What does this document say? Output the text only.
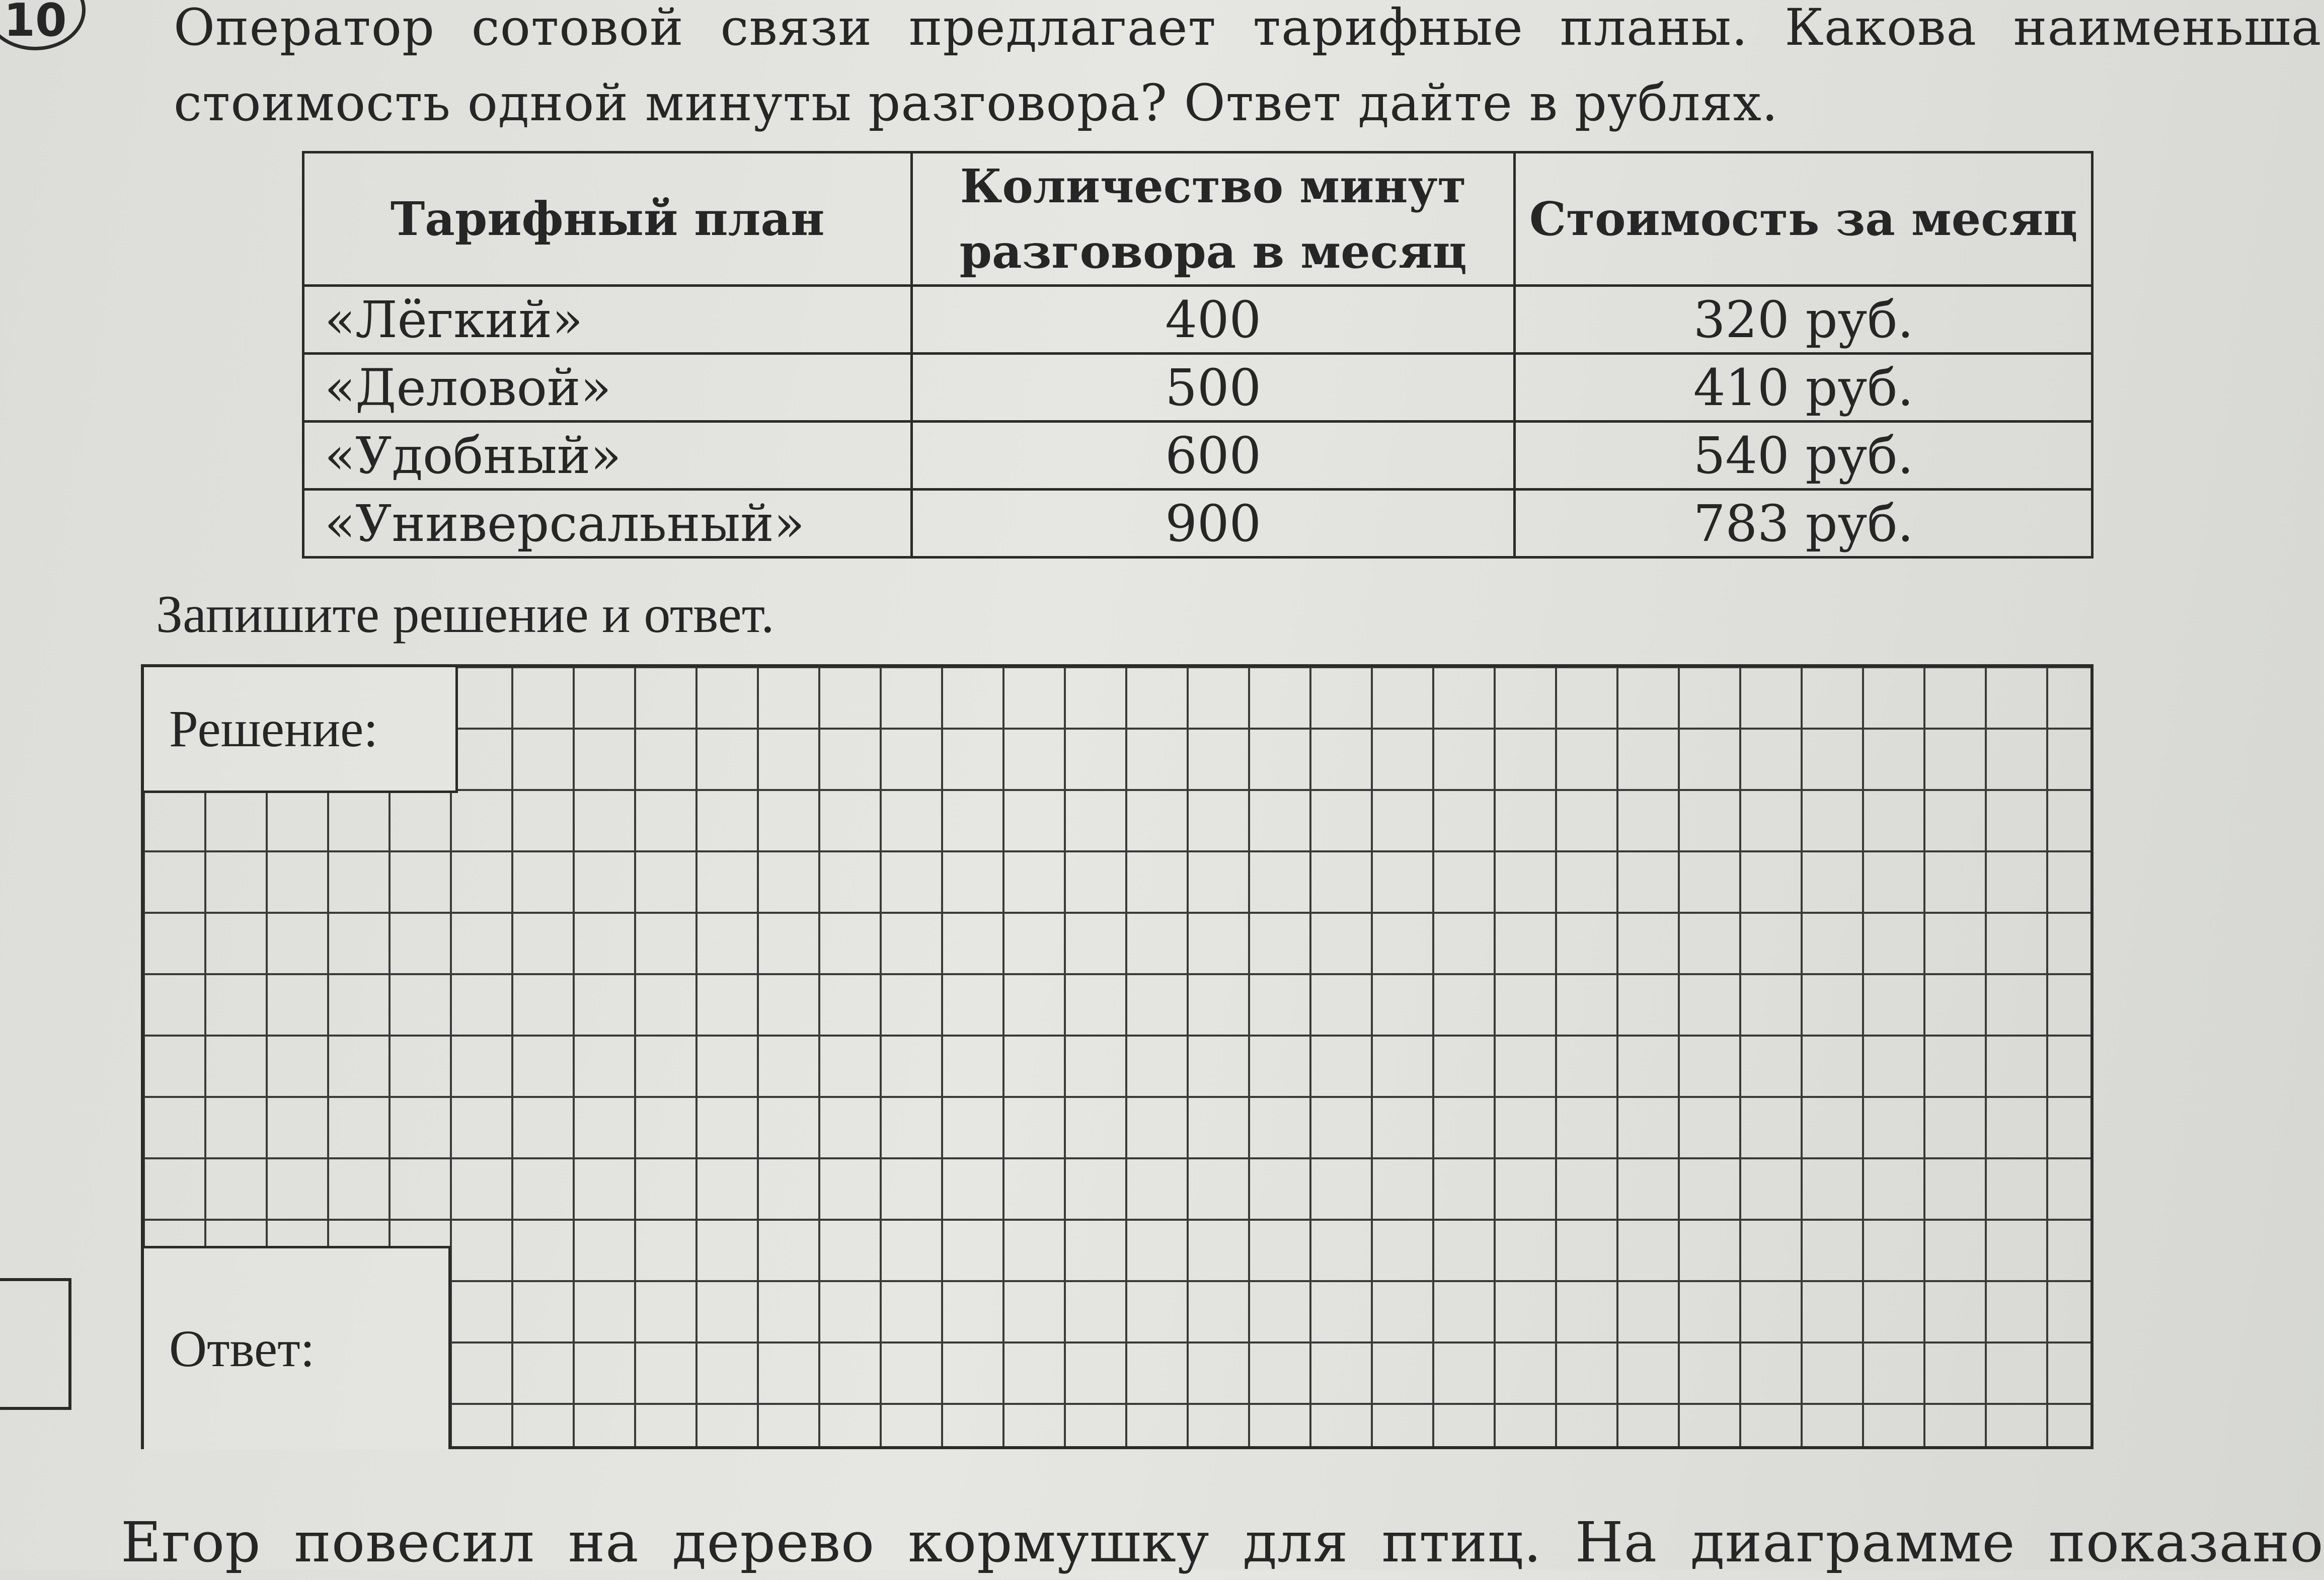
10	Оператор сотовой связи предлагает тарифные планы. Какова наименьша
стоимость одной минуты разговора? Ответ дайте в рублях.
Тарифный план	Количество минут разговора в месяц	Стоимость за месяц
«Лёгкий»	400	320 руб.
«Деловой»	500	410 руб.
«Удобный»	600	540 руб.
«Универсальный»	900	783 руб.
Запишите решение и ответ.
Решение:
Ответ:
Егор повесил на дерево кормушку для птиц. На диаграмме показано
